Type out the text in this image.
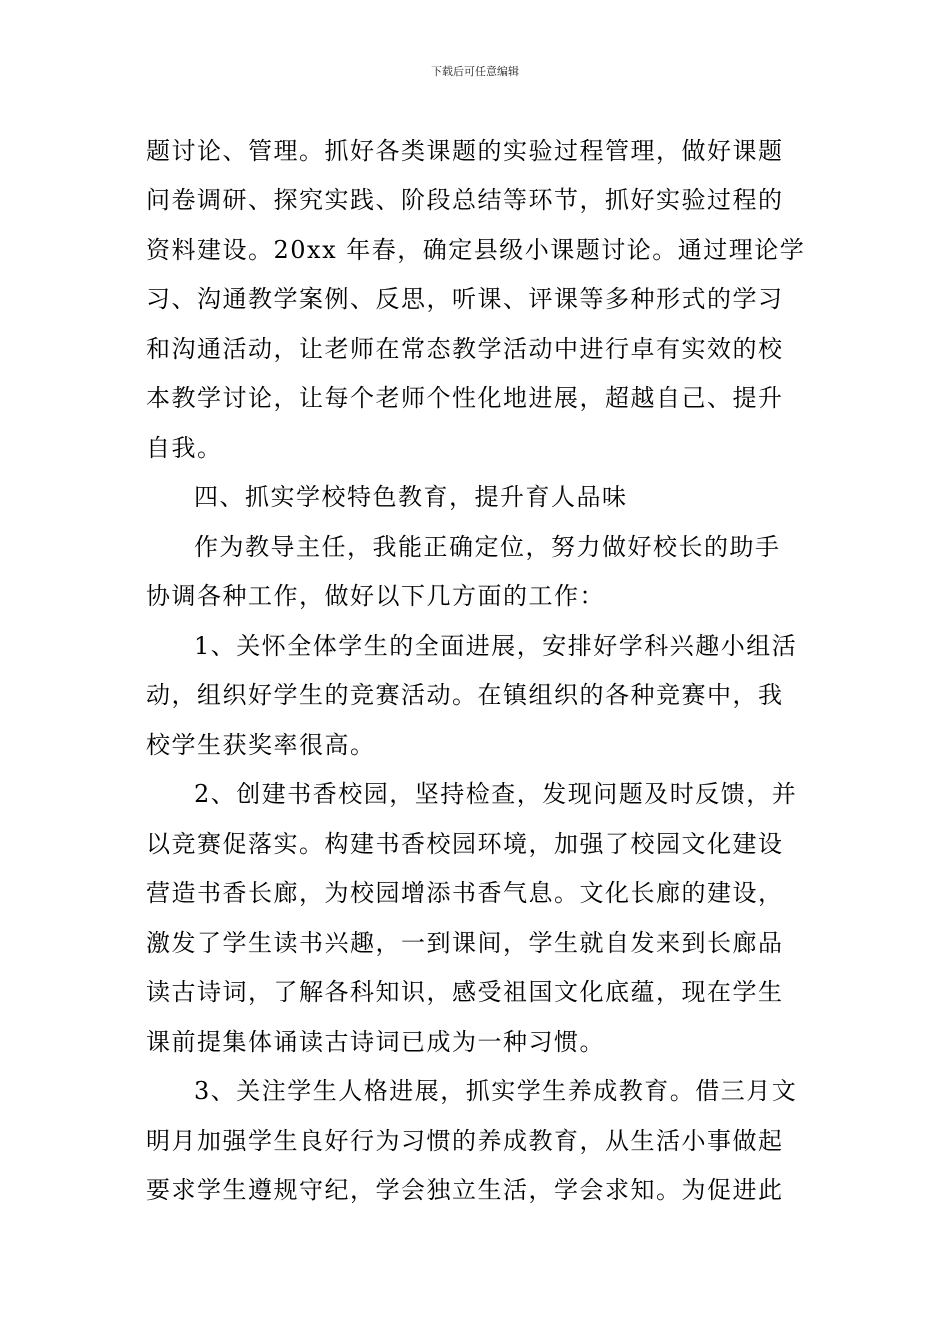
下载后可任意编辑
题讨论、管理。抓好各类课题的实验过程管理，做好课题
问卷调研、探究实践、阶段总结等环节，抓好实验过程的
资料建设。20xx 年春，确定县级小课题讨论。通过理论学
习、沟通教学案例、反思，听课、评课等多种形式的学习
和沟通活动，让老师在常态教学活动中进行卓有实效的校
本教学讨论，让每个老师个性化地进展，超越自己、提升
自我。
四、抓实学校特色教育，提升育人品味
作为教导主任，我能正确定位，努力做好校长的助手
协调各种工作，做好以下几方面的工作：
1、关怀全体学生的全面进展，安排好学科兴趣小组活
动，组织好学生的竞赛活动。在镇组织的各种竞赛中，我
校学生获奖率很高。
2、创建书香校园，坚持检查，发现问题及时反馈，并
以竞赛促落实。构建书香校园环境，加强了校园文化建设
营造书香长廊，为校园增添书香气息。文化长廊的建设，
激发了学生读书兴趣，一到课间，学生就自发来到长廊品
读古诗词，了解各科知识，感受祖国文化底蕴，现在学生
课前提集体诵读古诗词已成为一种习惯。
3、关注学生人格进展，抓实学生养成教育。借三月文
明月加强学生良好行为习惯的养成教育，从生活小事做起
要求学生遵规守纪，学会独立生活，学会求知。为促进此
